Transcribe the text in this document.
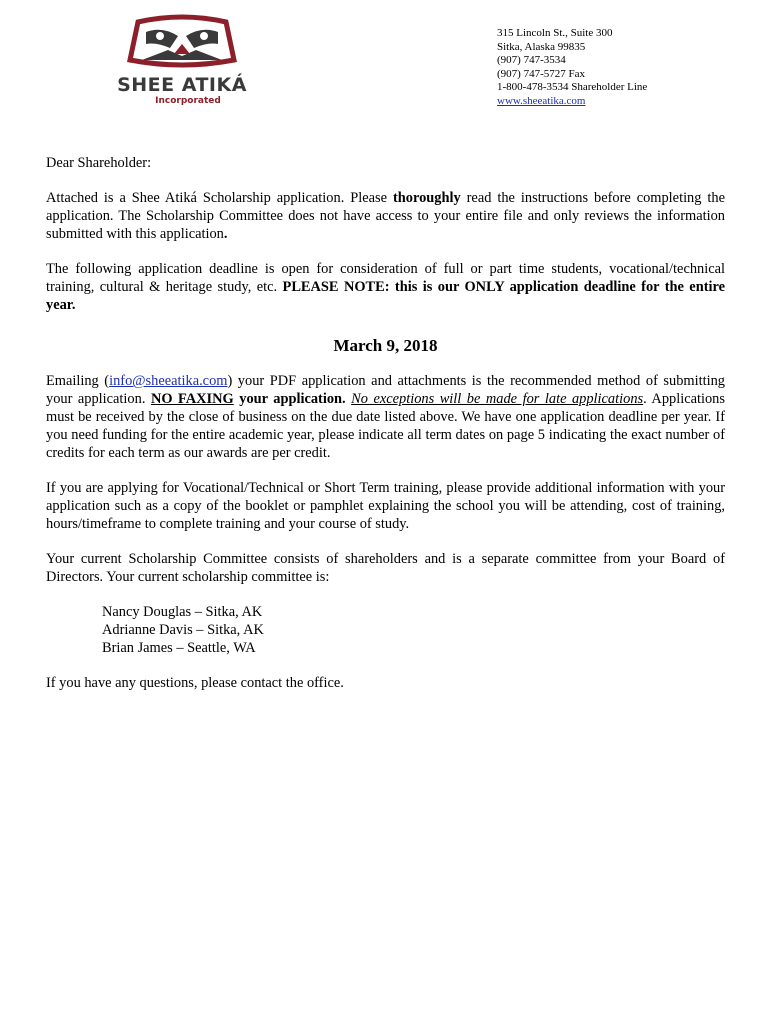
SHEE ATIKÁ
Incorporated
315 Lincoln St., Suite 300
Sitka, Alaska 99835
(907) 747-3534
(907) 747-5727 Fax
1-800-478-3534 Shareholder Line
www.sheeatika.com

Dear Shareholder:

Attached is a Shee Atiká Scholarship application. Please thoroughly read the instructions before completing the application. The Scholarship Committee does not have access to your entire file and only reviews the information submitted with this application.

The following application deadline is open for consideration of full or part time students, vocational/technical training, cultural & heritage study, etc. PLEASE NOTE: this is our ONLY application deadline for the entire year.

March 9, 2018

Emailing (info@sheeatika.com) your PDF application and attachments is the recommended method of submitting your application. NO FAXING your application. No exceptions will be made for late applications. Applications must be received by the close of business on the due date listed above. We have one application deadline per year. If you need funding for the entire academic year, please indicate all term dates on page 5 indicating the exact number of credits for each term as our awards are per credit.

If you are applying for Vocational/Technical or Short Term training, please provide additional information with your application such as a copy of the booklet or pamphlet explaining the school you will be attending, cost of training, hours/timeframe to complete training and your course of study.

Your current Scholarship Committee consists of shareholders and is a separate committee from your Board of Directors. Your current scholarship committee is:

Nancy Douglas – Sitka, AK
Adrianne Davis – Sitka, AK
Brian James – Seattle, WA

If you have any questions, please contact the office.
